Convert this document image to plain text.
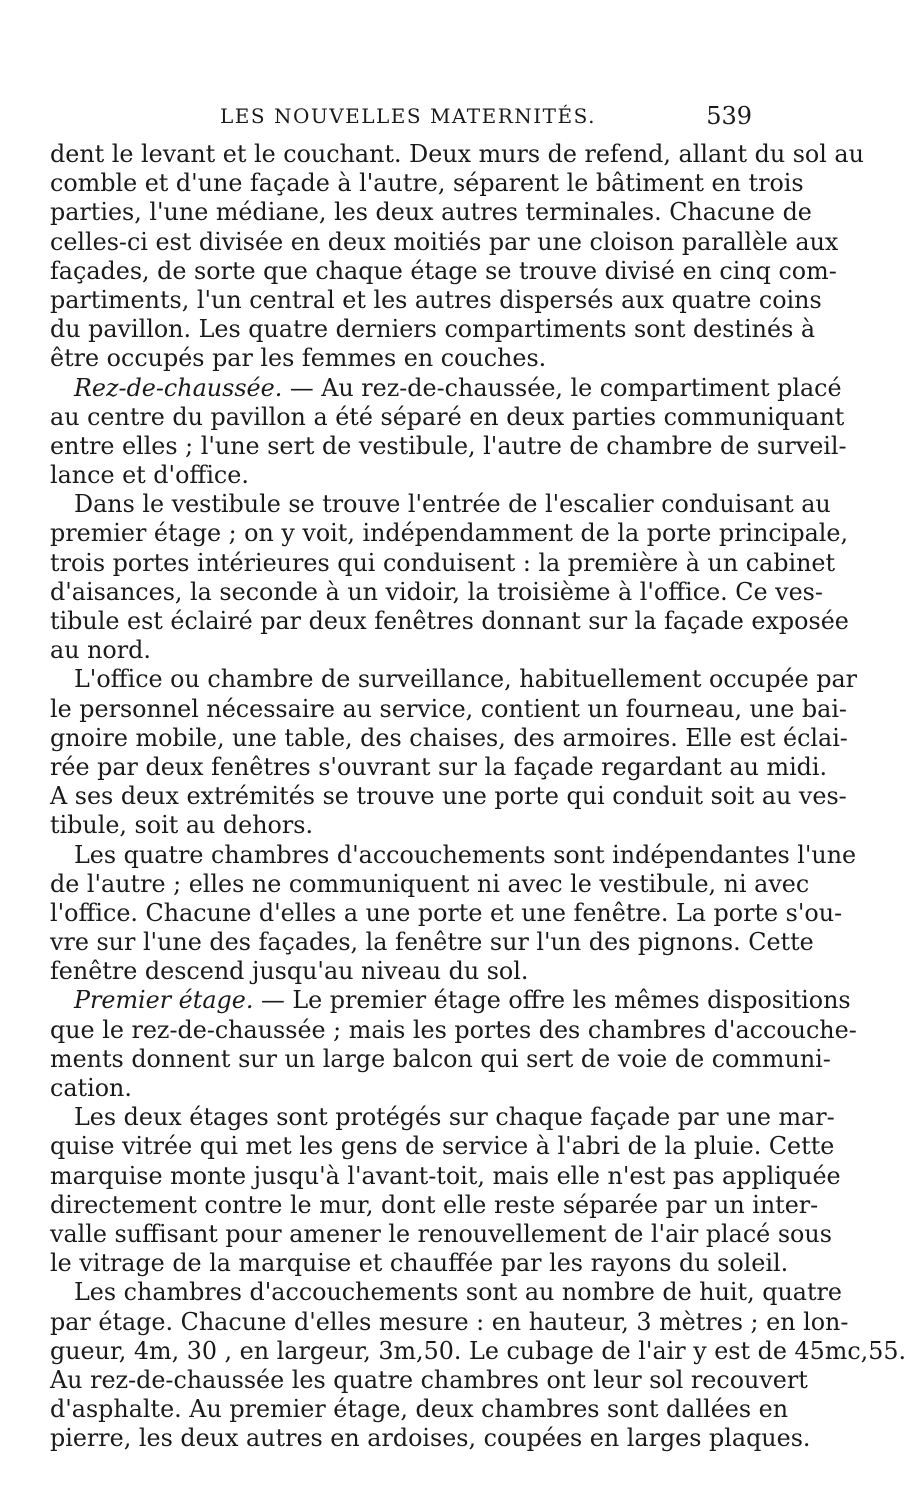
LES NOUVELLES MATERNITÉS.	539
dent le levant et le couchant. Deux murs de refend, allant du sol au
comble et d'une façade à l'autre, séparent le bâtiment en trois
parties, l'une médiane, les deux autres terminales. Chacune de
celles-ci est divisée en deux moitiés par une cloison parallèle aux
façades, de sorte que chaque étage se trouve divisé en cinq com-
partiments, l'un central et les autres dispersés aux quatre coins
du pavillon. Les quatre derniers compartiments sont destinés à
être occupés par les femmes en couches.
Rez-de-chaussée. — Au rez-de-chaussée, le compartiment placé
au centre du pavillon a été séparé en deux parties communiquant
entre elles ; l'une sert de vestibule, l'autre de chambre de surveil-
lance et d'office.
Dans le vestibule se trouve l'entrée de l'escalier conduisant au
premier étage ; on y voit, indépendamment de la porte principale,
trois portes intérieures qui conduisent : la première à un cabinet
d'aisances, la seconde à un vidoir, la troisième à l'office. Ce ves-
tibule est éclairé par deux fenêtres donnant sur la façade exposée
au nord.
L'office ou chambre de surveillance, habituellement occupée par
le personnel nécessaire au service, contient un fourneau, une bai-
gnoire mobile, une table, des chaises, des armoires. Elle est éclai-
rée par deux fenêtres s'ouvrant sur la façade regardant au midi.
A ses deux extrémités se trouve une porte qui conduit soit au ves-
tibule, soit au dehors.
Les quatre chambres d'accouchements sont indépendantes l'une
de l'autre ; elles ne communiquent ni avec le vestibule, ni avec
l'office. Chacune d'elles a une porte et une fenêtre. La porte s'ou-
vre sur l'une des façades, la fenêtre sur l'un des pignons. Cette
fenêtre descend jusqu'au niveau du sol.
Premier étage. — Le premier étage offre les mêmes dispositions
que le rez-de-chaussée ; mais les portes des chambres d'accouche-
ments donnent sur un large balcon qui sert de voie de communi-
cation.
Les deux étages sont protégés sur chaque façade par une mar-
quise vitrée qui met les gens de service à l'abri de la pluie. Cette
marquise monte jusqu'à l'avant-toit, mais elle n'est pas appliquée
directement contre le mur, dont elle reste séparée par un inter-
valle suffisant pour amener le renouvellement de l'air placé sous
le vitrage de la marquise et chauffée par les rayons du soleil.
Les chambres d'accouchements sont au nombre de huit, quatre
par étage. Chacune d'elles mesure : en hauteur, 3 mètres ; en lon-
gueur, 4m, 30 , en largeur, 3m,50. Le cubage de l'air y est de 45mc,55.
Au rez-de-chaussée les quatre chambres ont leur sol recouvert
d'asphalte. Au premier étage, deux chambres sont dallées en
pierre, les deux autres en ardoises, coupées en larges plaques.
